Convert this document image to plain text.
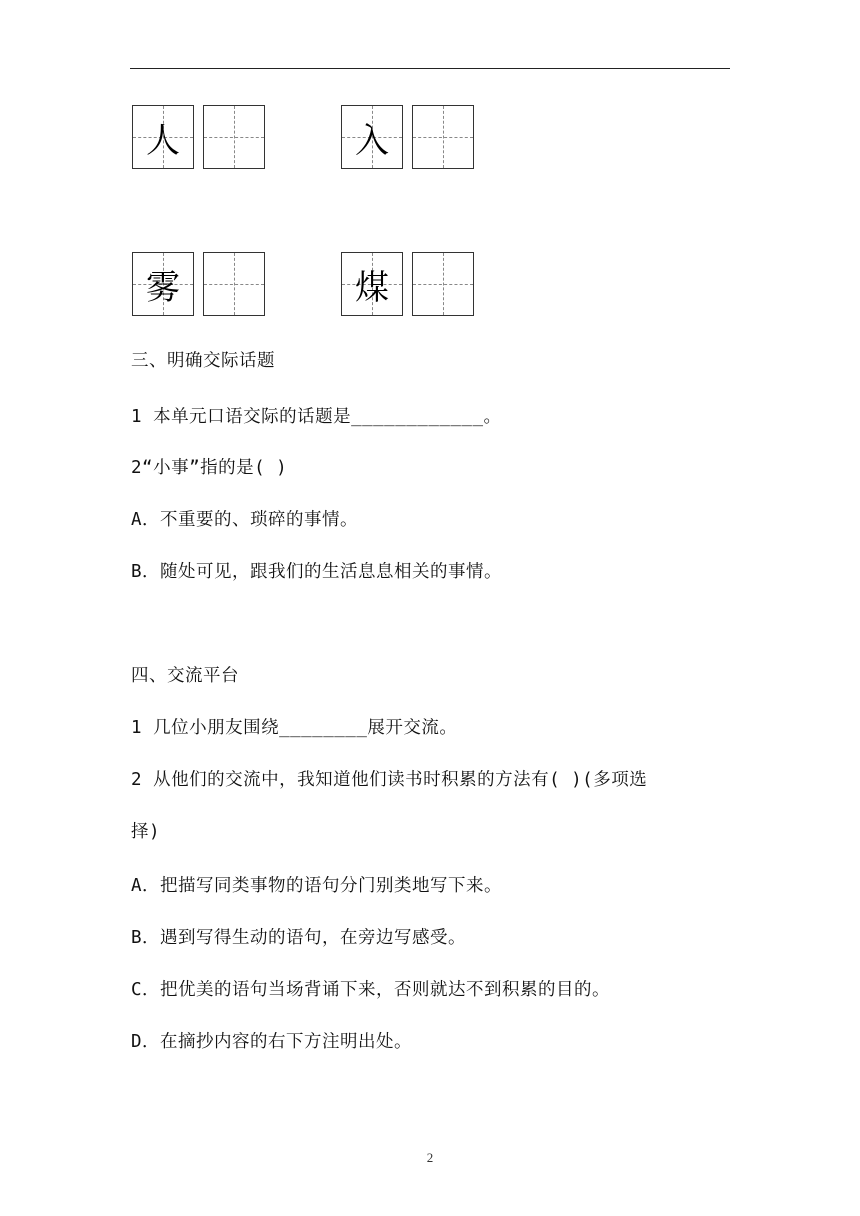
人	入
雾	煤
三、明确交际话题
1 本单元口语交际的话题是____________。
2“小事”指的是( )
A．不重要的、琐碎的事情。
B．随处可见，跟我们的生活息息相关的事情。
四、交流平台
1 几位小朋友围绕________展开交流。
2 从他们的交流中，我知道他们读书时积累的方法有( )(多项选
择)
A．把描写同类事物的语句分门别类地写下来。
B．遇到写得生动的语句，在旁边写感受。
C．把优美的语句当场背诵下来，否则就达不到积累的目的。
D．在摘抄内容的右下方注明出处。
2
